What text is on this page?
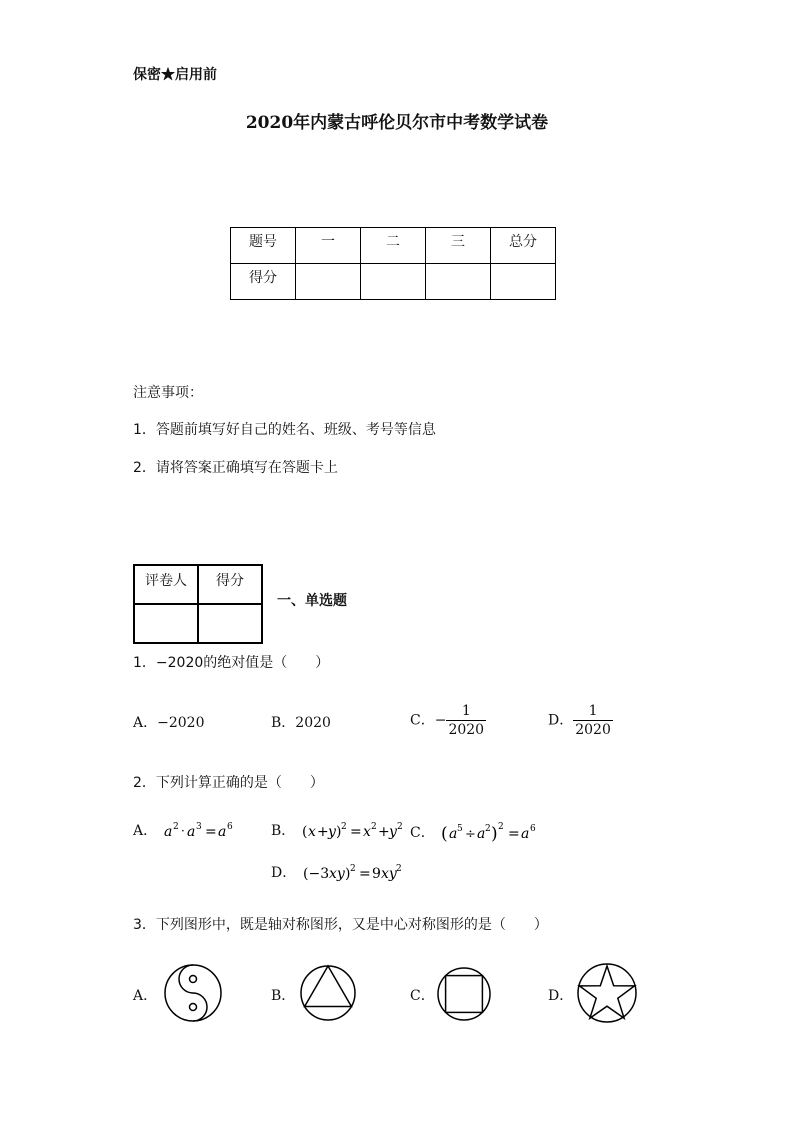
保密★启用前
2020年内蒙古呼伦贝尔市中考数学试卷
题号	一	二	三	总分
得分				
注意事项：
1．答题前填写好自己的姓名、班级、考号等信息
2．请将答案正确填写在答题卡上
评卷人	得分

一、单选题
1．−2020的绝对值是（　　）
A．−2020	B．2020	C．− $\frac{1}{2020}$	D． $\frac{1}{2020}$
2．下列计算正确的是（　　）
A． a 2 · a 3 = a 6	B． ( x + y ) 2 = x 2 + y 2 C． ( a 5 ÷ a 2 ) 2 = a 6
D． (−3 xy ) 2 = 9 xy 2
3．下列图形中，既是轴对称图形，又是中心对称图形的是（　　）
A．	B．	C．	D．
